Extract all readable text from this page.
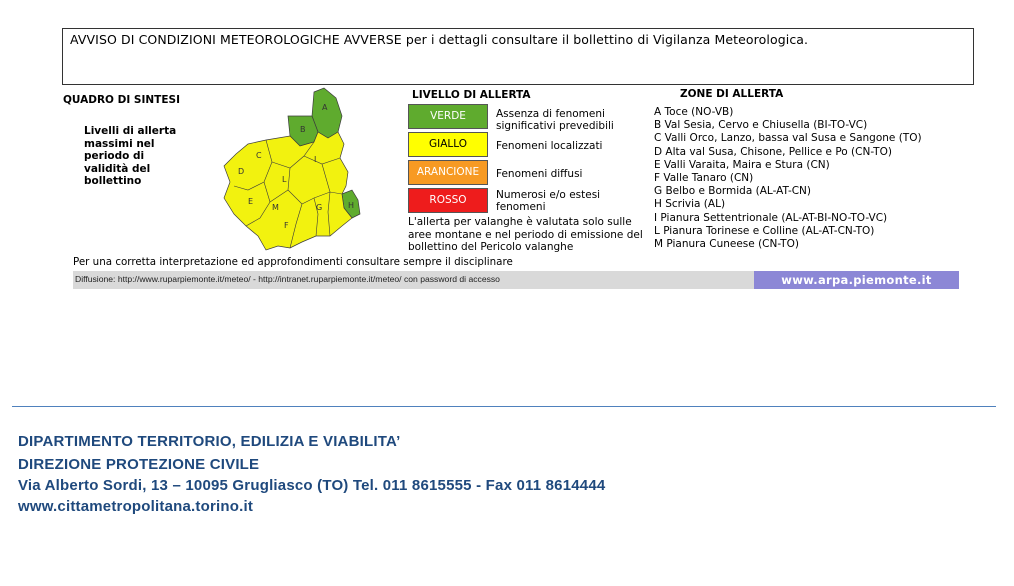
AVVISO DI CONDIZIONI METEOROLOGICHE AVVERSE per i dettagli consultare il bollettino di Vigilanza Meteorologica.
QUADRO DI SINTESI
Livelli di allerta
massimi nel
periodo di
validità del
bollettino
A
B
C
D
E
F
G	H
I
L
M
LIVELLO DI ALLERTA
VERDE	Assenza di fenomeni significativi prevedibili
GIALLO	Fenomeni localizzati
ARANCIONE	Fenomeni diffusi
ROSSO	Numerosi e/o estesi fenomeni
L'allerta per valanghe è valutata solo sulle aree montane e nel periodo di emissione del bollettino del Pericolo valanghe
ZONE DI ALLERTA
A Toce (NO-VB)
B Val Sesia, Cervo e Chiusella (BI-TO-VC)
C Valli Orco, Lanzo, bassa val Susa e Sangone (TO)
D Alta val Susa, Chisone, Pellice e Po (CN-TO)
E Valli Varaita, Maira e Stura (CN)
F Valle Tanaro (CN)
G Belbo e Bormida (AL-AT-CN)
H Scrivia (AL)
I Pianura Settentrionale (AL-AT-BI-NO-TO-VC)
L Pianura Torinese e Colline (AL-AT-CN-TO)
M Pianura Cuneese (CN-TO)
Per una corretta interpretazione ed approfondimenti consultare sempre il disciplinare
Diffusione: http://www.ruparpiemonte.it/meteo/ - http://intranet.ruparpiemonte.it/meteo/ con password di accesso	www.arpa.piemonte.it
DIPARTIMENTO TERRITORIO, EDILIZIA E VIABILITA’
DIREZIONE PROTEZIONE CIVILE
Via Alberto Sordi, 13 – 10095 Grugliasco (TO) Tel. 011 8615555 - Fax 011 8614444
www.cittametropolitana.torino.it
